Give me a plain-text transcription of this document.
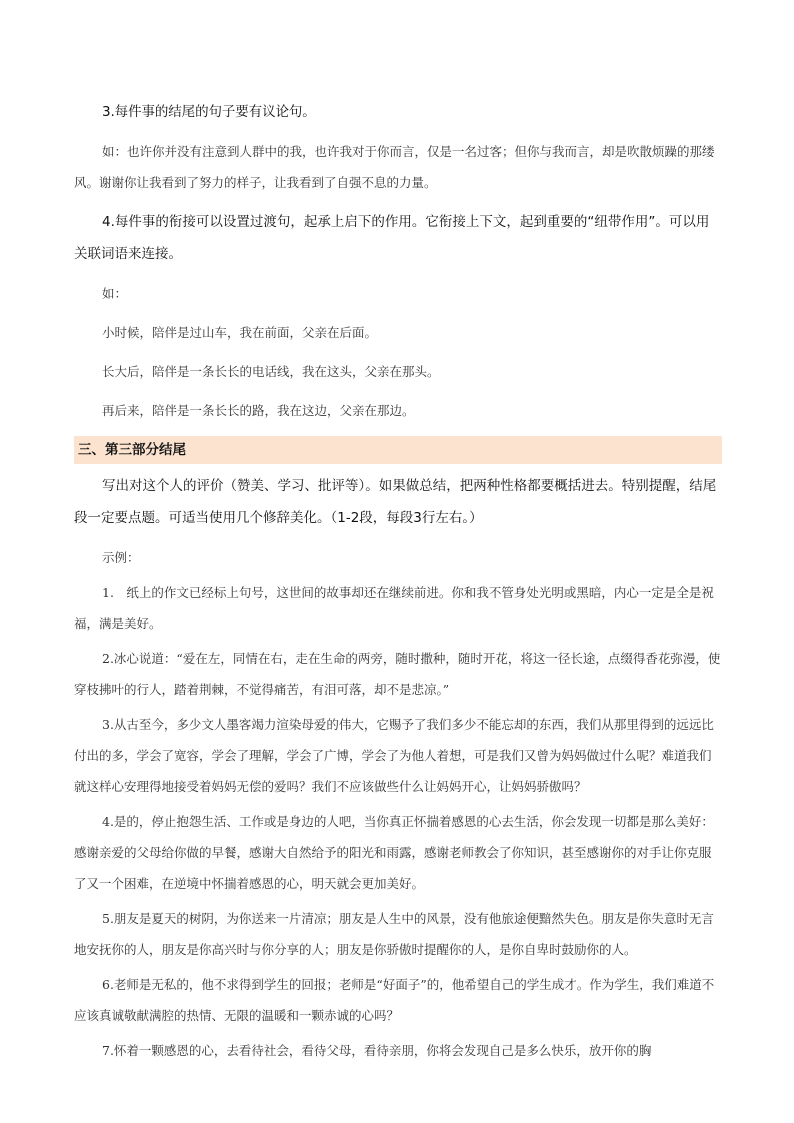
3.每件事的结尾的句子要有议论句。

如：也许你并没有注意到人群中的我，也许我对于你而言，仅是一名过客；但你与我而言，却是吹散烦躁的那缕风。谢谢你让我看到了努力的样子，让我看到了自强不息的力量。

4.每件事的衔接可以设置过渡句，起承上启下的作用。它衔接上下文，起到重要的“纽带作用”。可以用关联词语来连接。

如：

小时候，陪伴是过山车，我在前面，父亲在后面。

长大后，陪伴是一条长长的电话线，我在这头，父亲在那头。

再后来，陪伴是一条长长的路，我在这边，父亲在那边。

三、第三部分结尾

写出对这个人的评价（赞美、学习、批评等）。如果做总结，把两种性格都要概括进去。特别提醒，结尾段一定要点题。可适当使用几个修辞美化。（1-2段，每段3行左右。）

示例：

1.　纸上的作文已经标上句号，这世间的故事却还在继续前进。你和我不管身处光明或黑暗，内心一定是全是祝福，满是美好。

2.冰心说道：“爱在左，同情在右，走在生命的两旁，随时撒种，随时开花，将这一径长途，点缀得香花弥漫，使穿枝拂叶的行人，踏着荆棘，不觉得痛苦，有泪可落，却不是悲凉。”

3.从古至今，多少文人墨客竭力渲染母爱的伟大，它赐予了我们多少不能忘却的东西，我们从那里得到的远远比付出的多，学会了宽容，学会了理解，学会了广博，学会了为他人着想，可是我们又曾为妈妈做过什么呢？难道我们就这样心安理得地接受着妈妈无偿的爱吗？我们不应该做些什么让妈妈开心，让妈妈骄傲吗？

4.是的，停止抱怨生活、工作或是身边的人吧，当你真正怀揣着感恩的心去生活，你会发现一切都是那么美好：感谢亲爱的父母给你做的早餐，感谢大自然给予的阳光和雨露，感谢老师教会了你知识，甚至感谢你的对手让你克服了又一个困难，在逆境中怀揣着感恩的心，明天就会更加美好。

5.朋友是夏天的树阴，为你送来一片清凉；朋友是人生中的风景，没有他旅途便黯然失色。朋友是你失意时无言地安抚你的人，朋友是你高兴时与你分享的人；朋友是你骄傲时提醒你的人，是你自卑时鼓励你的人。

6.老师是无私的，他不求得到学生的回报；老师是“好面子”的，他希望自己的学生成才。作为学生，我们难道不应该真诚敬献满腔的热情、无限的温暖和一颗赤诚的心吗？

7.怀着一颗感恩的心，去看待社会，看待父母，看待亲朋，你将会发现自己是多么快乐，放开你的胸
